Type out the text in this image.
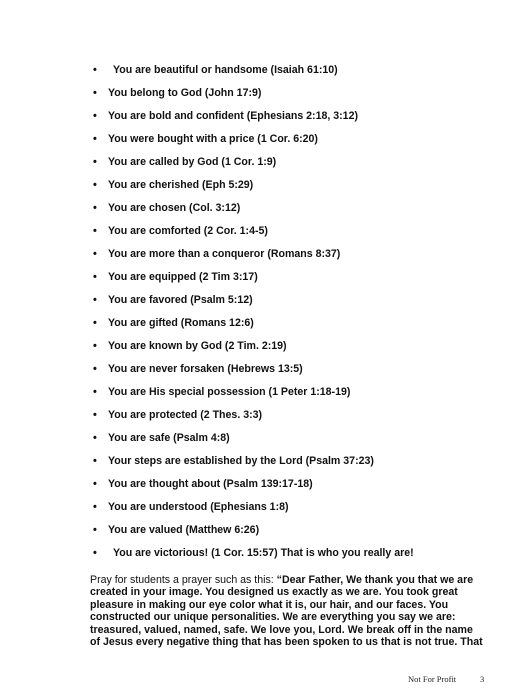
• You are beautiful or handsome (Isaiah 61:10)
• You belong to God (John 17:9)
• You are bold and confident (Ephesians 2:18, 3:12)
• You were bought with a price (1 Cor. 6:20)
• You are called by God (1 Cor. 1:9)
• You are cherished (Eph 5:29)
• You are chosen (Col. 3:12)
• You are comforted (2 Cor. 1:4-5)
• You are more than a conqueror (Romans 8:37)
• You are equipped (2 Tim 3:17)
• You are favored (Psalm 5:12)
• You are gifted (Romans 12:6)
• You are known by God (2 Tim. 2:19)
• You are never forsaken (Hebrews 13:5)
• You are His special possession (1 Peter 1:18-19)
• You are protected (2 Thes. 3:3)
• You are safe (Psalm 4:8)
• Your steps are established by the Lord (Psalm 37:23)
• You are thought about (Psalm 139:17-18)
• You are understood (Ephesians 1:8)
• You are valued (Matthew 6:26)
• You are victorious! (1 Cor. 15:57) That is who you really are!

Pray for students a prayer such as this: “Dear Father, We thank you that we are
created in your image. You designed us exactly as we are. You took great
pleasure in making our eye color what it is, our hair, and our faces. You
constructed our unique personalities. We are everything you say we are:
treasured, valued, named, safe. We love you, Lord. We break off in the name
of Jesus every negative thing that has been spoken to us that is not true. That

Not For Profit	3
